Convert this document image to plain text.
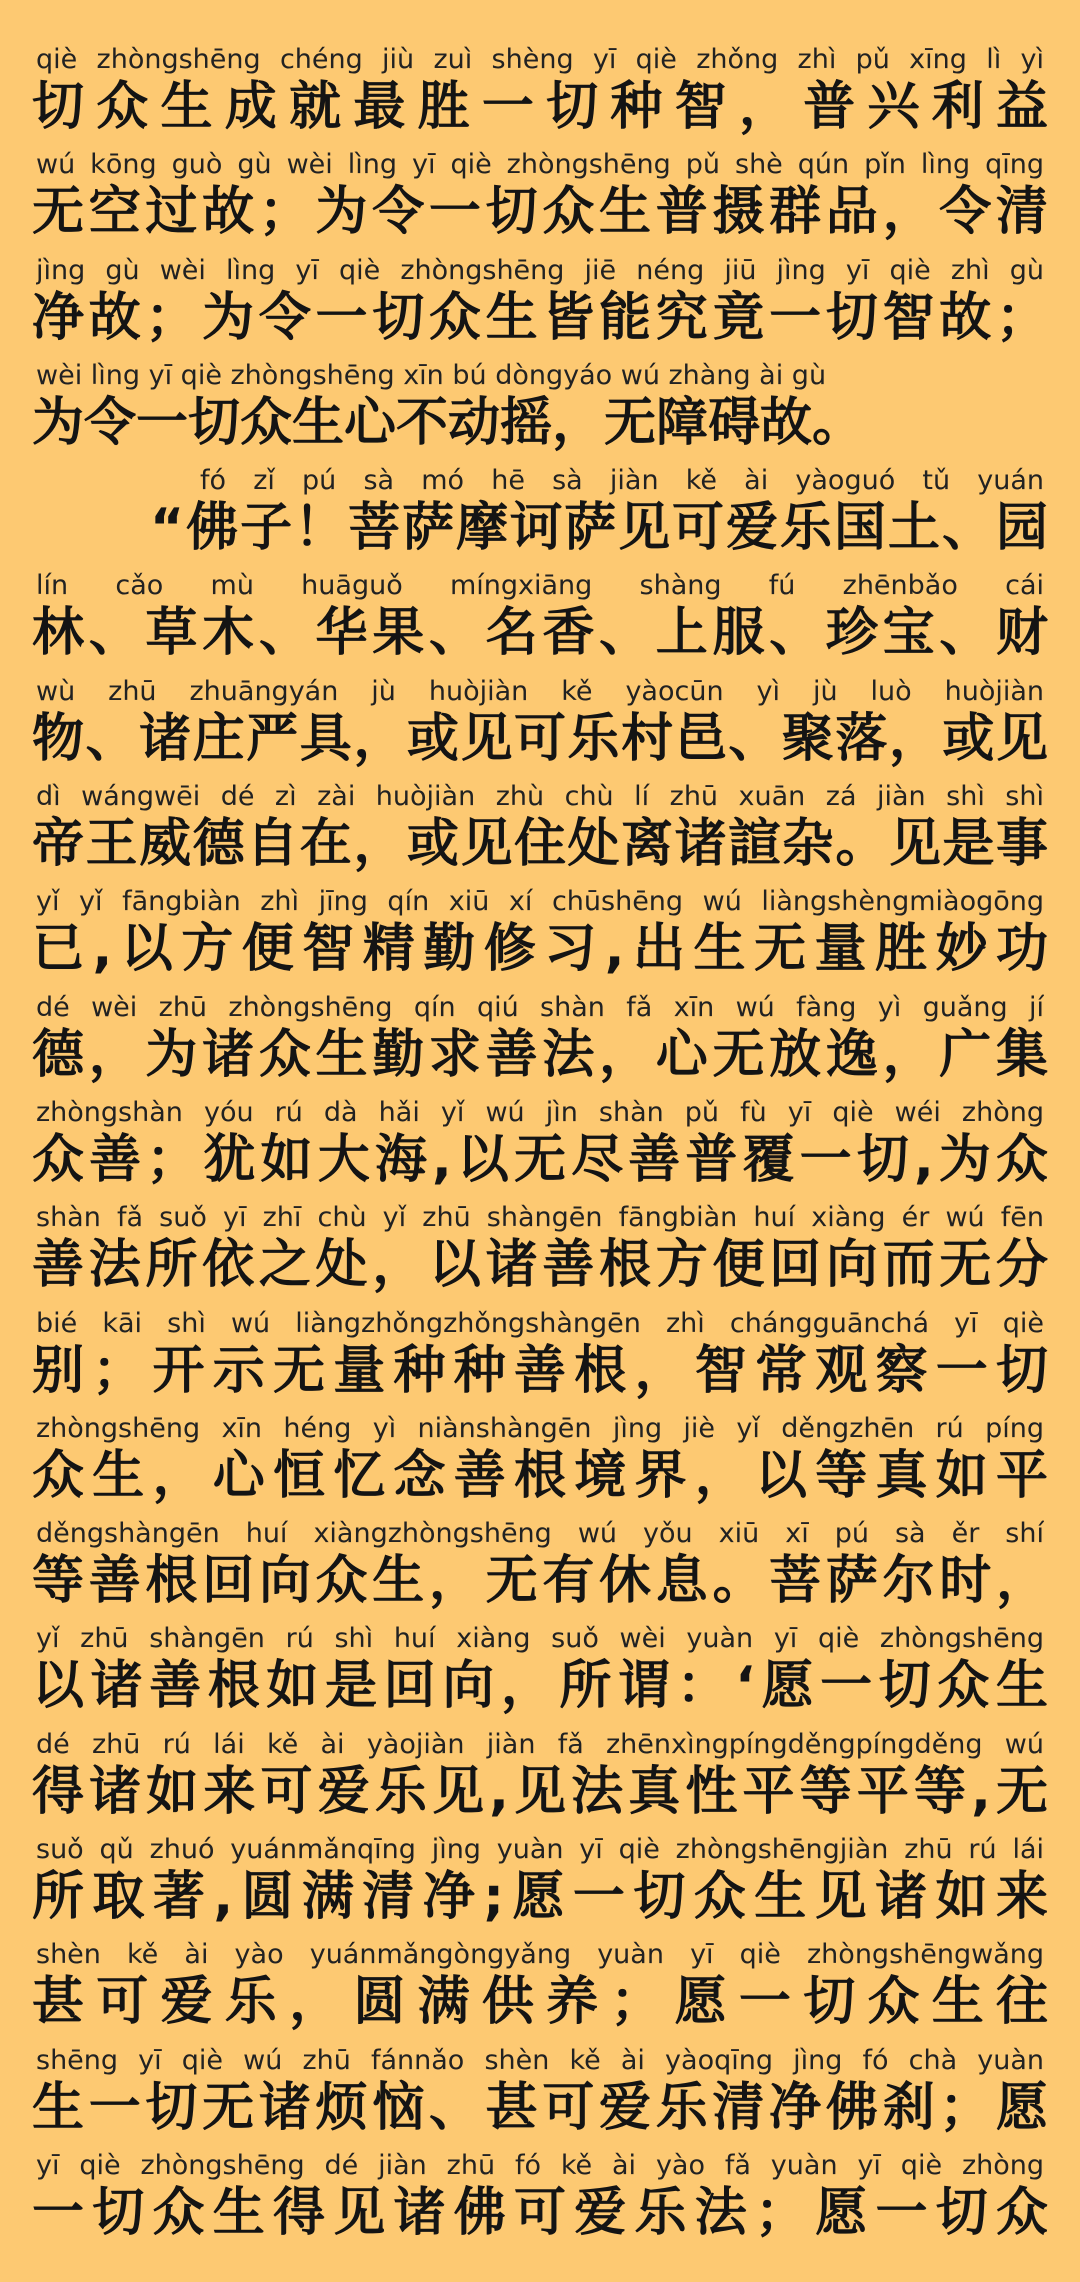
qiè zhòngshēng chéng jiù zuì shèng yī qiè zhǒng zhì pǔ xīng lì yì
切众生成就最胜一切种智，普兴利益
wú kōng guò gù wèi lìng yī qiè zhòngshēng pǔ shè qún pǐn lìng qīng
无空过故；为令一切众生普摄群品，令清
jìng gù wèi lìng yī qiè zhòngshēng jiē néng jiū jìng yī qiè zhì gù
净故；为令一切众生皆能究竟一切智故；
wèi lìng yī qiè zhòngshēng xīn bú dòngyáo wú zhàng ài gù
为令一切众生心不动摇，无障碍故。
fó zǐ pú sà mó hē sà jiàn kě ài yàoguó tǔ yuán
“佛子！菩萨摩诃萨见可爱乐国土、园
lín cǎo mù huāguǒ míngxiāng shàng fú zhēnbǎo cái
林、草木、华果、名香、上服、珍宝、财
wù zhū zhuāngyán jù huòjiàn kě yàocūn yì jù luò huòjiàn
物、诸庄严具，或见可乐村邑、聚落，或见
dì wángwēi dé zì zài huòjiàn zhù chù lí zhū xuān zá jiàn shì shì
帝王威德自在，或见住处离诸諠杂。见是事
yǐ yǐ fāngbiàn zhì jīng qín xiū xí chūshēng wú liàngshèngmiàogōng
已,以方便智精勤修习,出生无量胜妙功
dé wèi zhū zhòngshēng qín qiú shàn fǎ xīn wú fàng yì guǎng jí
德，为诸众生勤求善法，心无放逸，广集
zhòngshàn yóu rú dà hǎi yǐ wú jìn shàn pǔ fù yī qiè wéi zhòng
众善；犹如大海,以无尽善普覆一切,为众
shàn fǎ suǒ yī zhī chù yǐ zhū shàngēn fāngbiàn huí xiàng ér wú fēn
善法所依之处，以诸善根方便回向而无分
bié kāi shì wú liàngzhǒngzhǒngshàngēn zhì chángguānchá yī qiè
别；开示无量种种善根，智常观察一切
zhòngshēng xīn héng yì niànshàngēn jìng jiè yǐ děngzhēn rú píng
众生，心恒忆念善根境界，以等真如平
děngshàngēn huí xiàngzhòngshēng wú yǒu xiū xī pú sà ěr shí
等善根回向众生，无有休息。菩萨尔时，
yǐ zhū shàngēn rú shì huí xiàng suǒ wèi yuàn yī qiè zhòngshēng
以诸善根如是回向，所谓：‘愿一切众生
dé zhū rú lái kě ài yàojiàn jiàn fǎ zhēnxìngpíngděngpíngděng wú
得诸如来可爱乐见,见法真性平等平等,无
suǒ qǔ zhuó yuánmǎnqīng jìng yuàn yī qiè zhòngshēngjiàn zhū rú lái
所取著,圆满清净;愿一切众生见诸如来
shèn kě ài yào yuánmǎngòngyǎng yuàn yī qiè zhòngshēngwǎng
甚可爱乐，圆满供养；愿一切众生往
shēng yī qiè wú zhū fánnǎo shèn kě ài yàoqīng jìng fó chà yuàn
生一切无诸烦恼、甚可爱乐清净佛刹；愿
yī qiè zhòngshēng dé jiàn zhū fó kě ài yào fǎ yuàn yī qiè zhòng
一切众生得见诸佛可爱乐法；愿一切众
